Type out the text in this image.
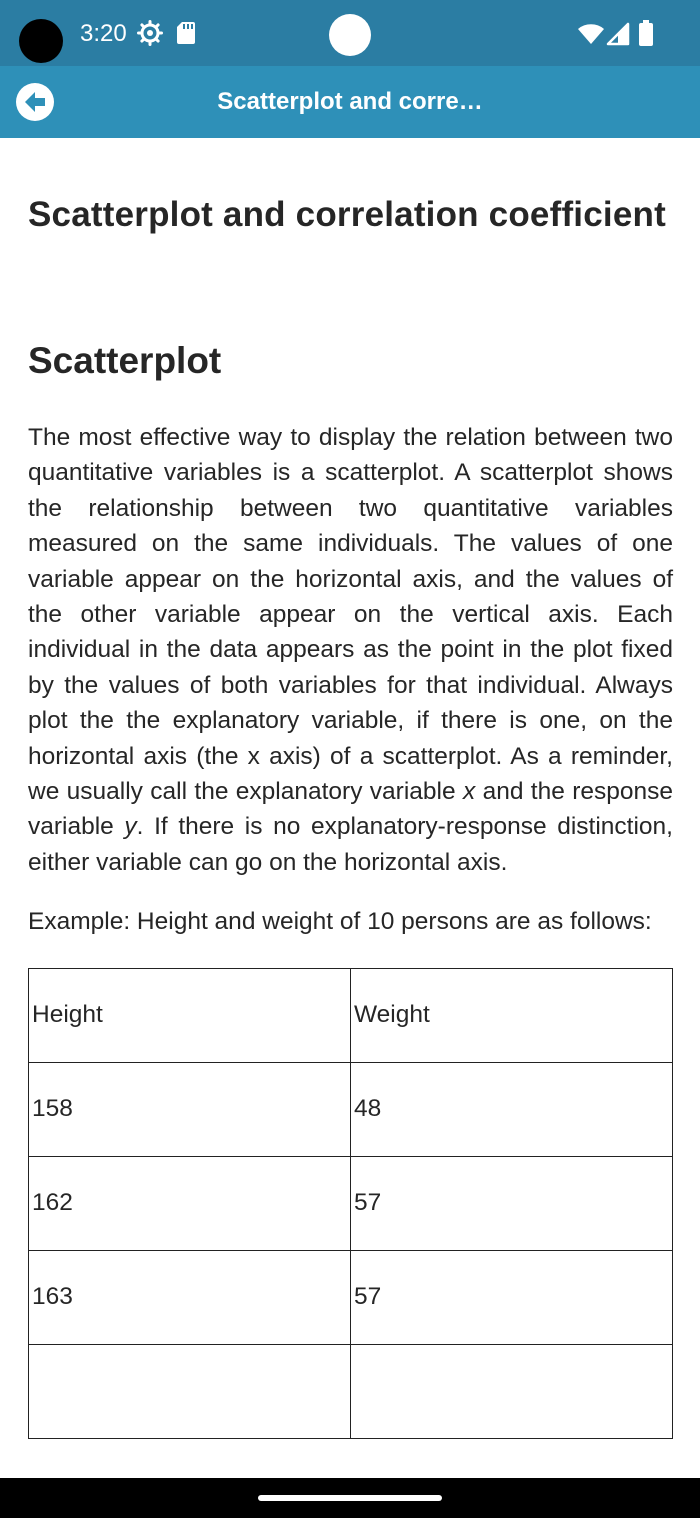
3:20
Scatterplot and corre…
Scatterplot and correlation coefficient
Scatterplot

The most effective way to display the relation between two quantitative variables is a scatterplot. A scatterplot shows the relationship between two quantitative variables measured on the same individuals. The values of one variable appear on the horizontal axis, and the values of the other variable appear on the vertical axis. Each individual in the data appears as the point in the plot fixed by the values of both variables for that individual. Always plot the the explanatory variable, if there is one, on the horizontal axis (the x axis) of a scatterplot. As a reminder, we usually call the explanatory variable x and the response variable y. If there is no explanatory-response distinction, either variable can go on the horizontal axis.

Example: Height and weight of 10 persons are as follows:

Height	Weight
158	48
162	57
163	57
